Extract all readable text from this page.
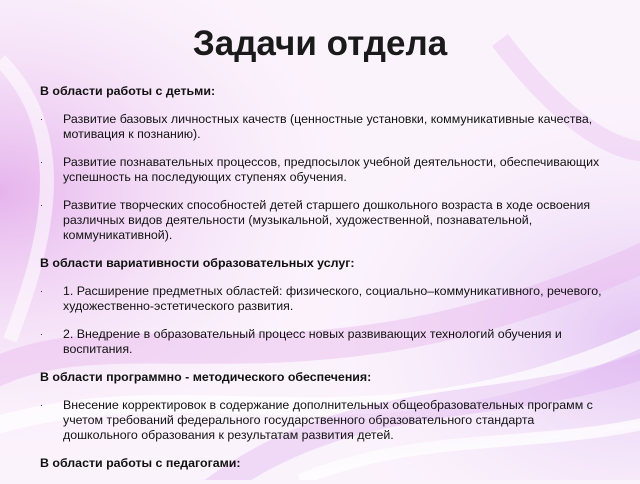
Задачи отдела

В области работы с детьми:

· Развитие базовых личностных качеств (ценностные установки, коммуникативные качества, мотивация к познанию).
· Развитие познавательных процессов, предпосылок учебной деятельности, обеспечивающих успешность на последующих ступенях обучения.
· Развитие творческих способностей детей старшего дошкольного возраста в ходе освоения различных видов деятельности (музыкальной, художественной, познавательной, коммуникативной).

В области вариативности образовательных услуг:

· 1. Расширение предметных областей: физического, социально–коммуникативного, речевого, художественно-эстетического развития.
· 2. Внедрение в образовательный процесс новых развивающих технологий обучения и воспитания.

В области программно - методического обеспечения:

· Внесение корректировок в содержание дополнительных общеобразовательных программ с учетом требований федерального государственного образовательного стандарта дошкольного образования к результатам развития детей.

В области работы с педагогами:
